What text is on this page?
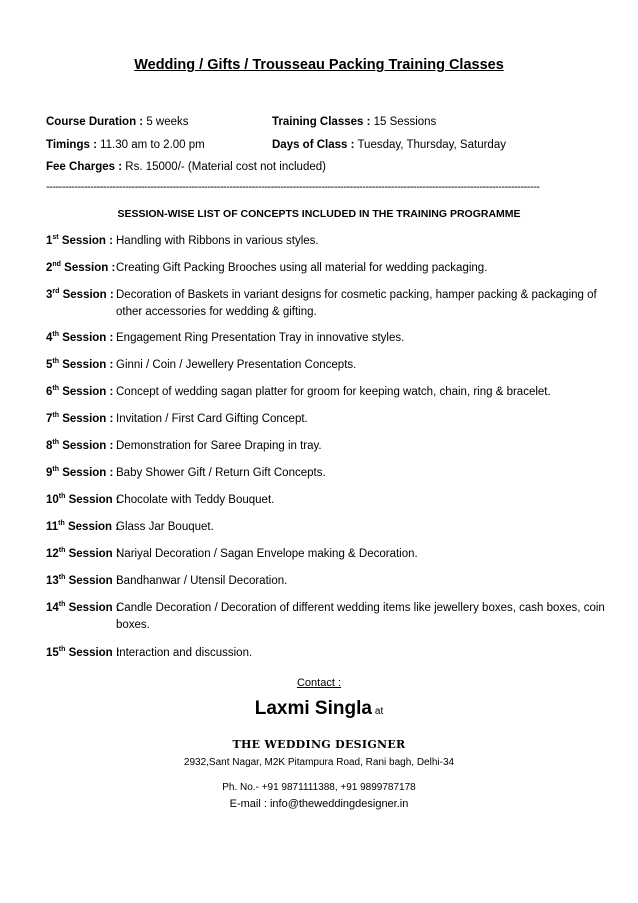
Wedding / Gifts / Trousseau Packing Training Classes
Course Duration : 5 weeks	Training Classes : 15 Sessions
Timings : 11.30 am to 2.00 pm	Days of Class : Tuesday, Thursday, Saturday
Fee Charges : Rs. 15000/- (Material cost not included)
------------------------------------------------------------------------------------------------------------------------------------------------------------
SESSION-WISE LIST OF CONCEPTS INCLUDED IN THE TRAINING PROGRAMME
1st Session : Handling with Ribbons in various styles.
2nd Session : Creating Gift Packing Brooches using all material for wedding packaging.
3rd Session : Decoration of Baskets in variant designs for cosmetic packing, hamper packing & packaging of other accessories for wedding & gifting.
4th Session : Engagement Ring Presentation Tray in innovative styles.
5th Session : Ginni / Coin / Jewellery Presentation Concepts.
6th Session : Concept of wedding sagan platter for groom for keeping watch, chain, ring & bracelet.
7th Session : Invitation / First Card Gifting Concept.
8th Session : Demonstration for Saree Draping in tray.
9th Session : Baby Shower Gift / Return Gift Concepts.
10th Session :
Chocolate with Teddy Bouquet.
11th Session :
Glass Jar Bouquet.
12th Session :
Nariyal Decoration / Sagan Envelope making & Decoration.
13th Session :
Bandhanwar / Utensil Decoration.
14th Session :
Candle Decoration / Decoration of different wedding items like jewellery boxes, cash boxes, coin boxes.
15th Session :
Interaction and discussion.
Contact :
Laxmi Singla at
THE WEDDING DESIGNER
2932,Sant Nagar, M2K Pitampura Road, Rani bagh, Delhi-34
Ph. No.- +91 9871111388, +91 9899787178
E-mail : info@theweddingdesigner.in
